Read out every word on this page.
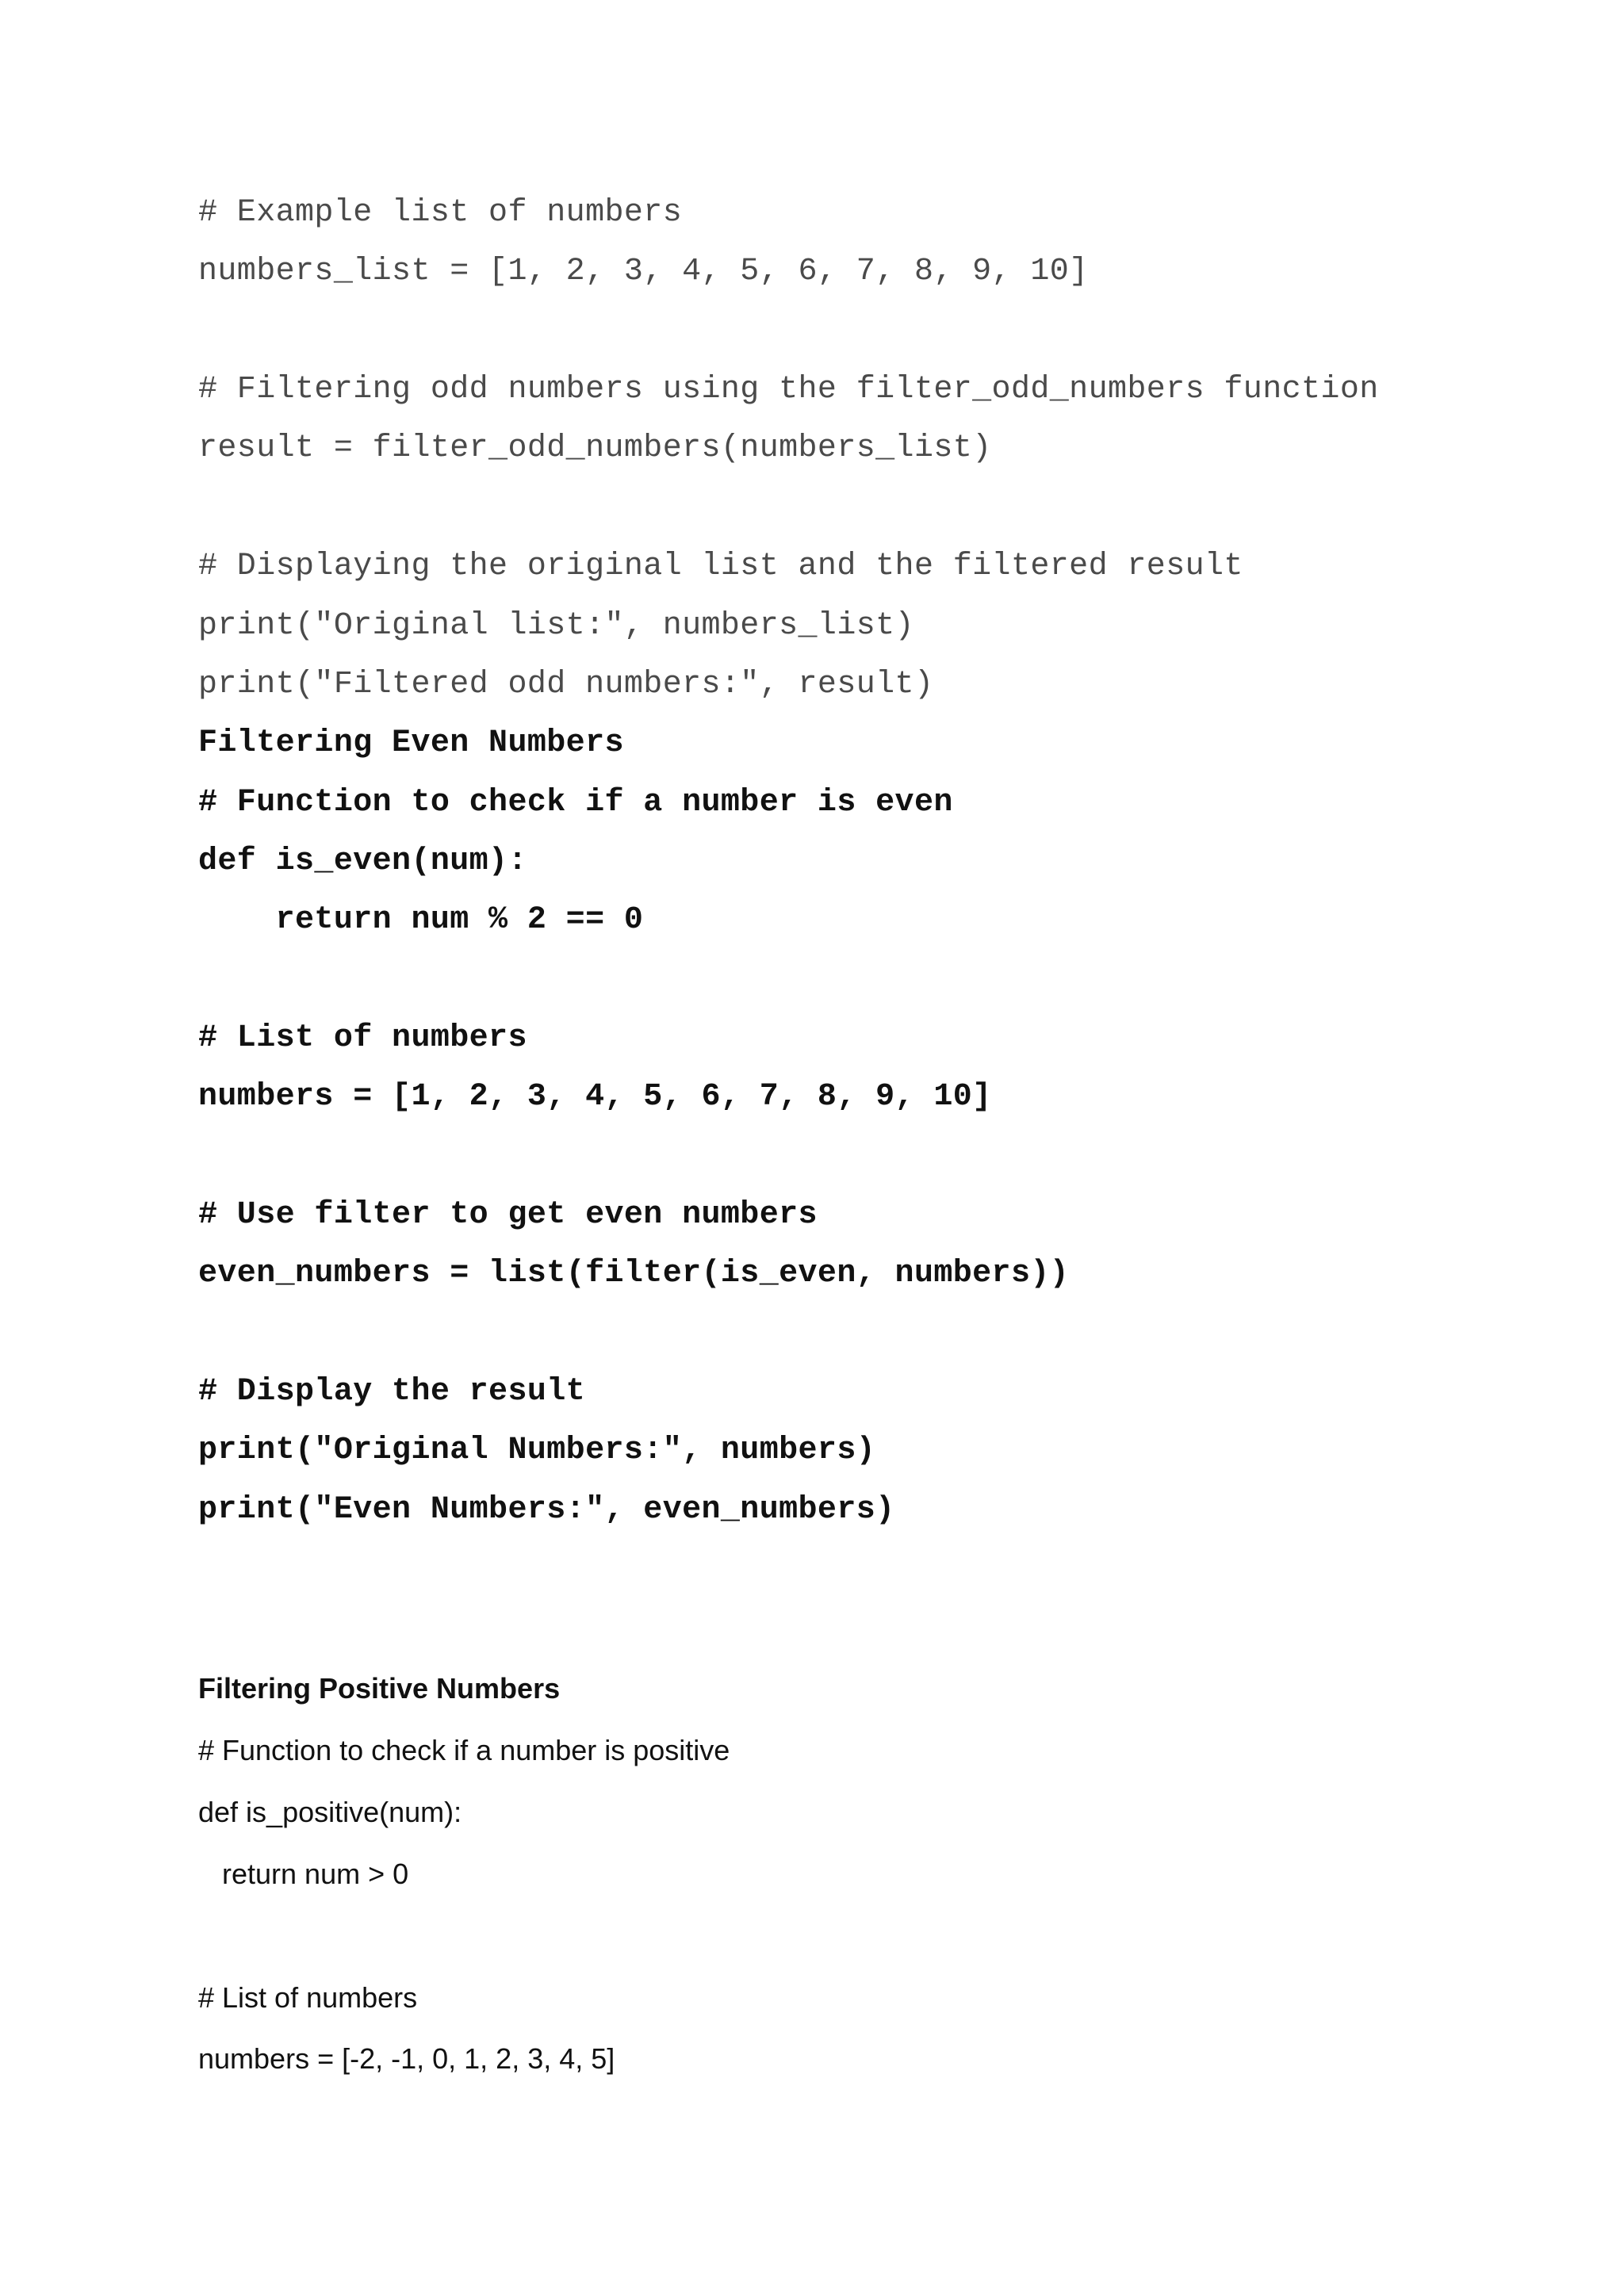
# Example list of numbers

numbers_list = [1, 2, 3, 4, 5, 6, 7, 8, 9, 10]

# Filtering odd numbers using the filter_odd_numbers function

result = filter_odd_numbers(numbers_list)

# Displaying the original list and the filtered result

print("Original list:", numbers_list)

print("Filtered odd numbers:", result)

Filtering Even Numbers

# Function to check if a number is even

def is_even(num):

return num % 2 == 0

# List of numbers

numbers = [1, 2, 3, 4, 5, 6, 7, 8, 9, 10]

# Use filter to get even numbers

even_numbers = list(filter(is_even, numbers))

# Display the result

print("Original Numbers:", numbers)

print("Even Numbers:", even_numbers)

Filtering Positive Numbers

# Function to check if a number is positive

def is_positive(num):

return num > 0

# List of numbers

numbers = [-2, -1, 0, 1, 2, 3, 4, 5]
